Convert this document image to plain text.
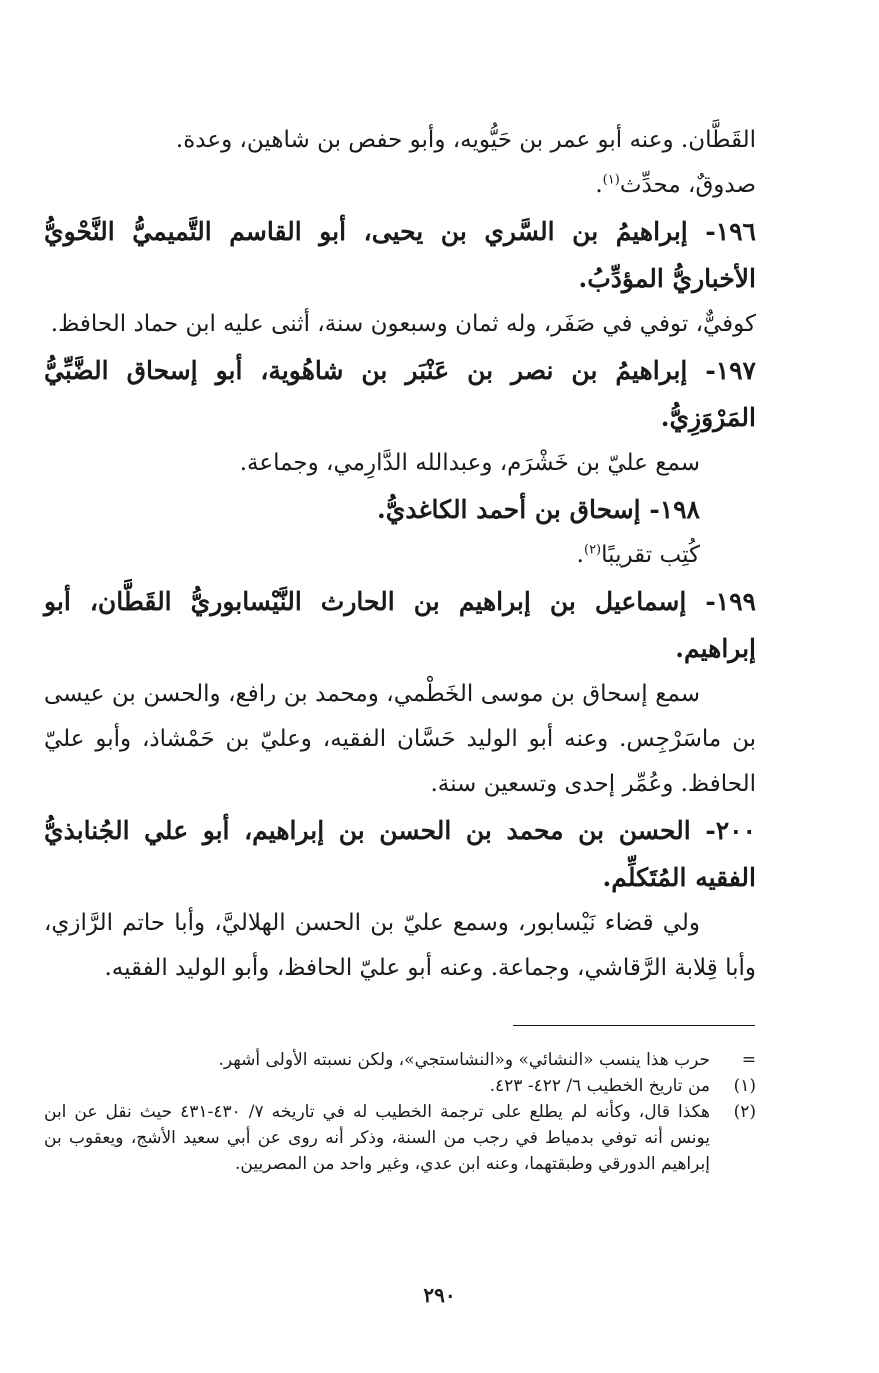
القَطَّان. وعنه أبو عمر بن حَيُّويه، وأبو حفص بن شاهين، وعدة.

صدوقٌ، محدِّث$^{(١)}$.

١٩٦- إبراهيمُ بن السَّري بن يحيى، أبو القاسم التَّميميُّ النَّحْويُّ الأخباريُّ المؤدِّبُ.

كوفيٌّ، توفي في صَفَر، وله ثمان وسبعون سنة، أثنى عليه ابن حماد الحافظ.

١٩٧- إبراهيمُ بن نصر بن عَنْبَر بن شاهُوية، أبو إسحاق الضَّبِّيُّ المَرْوَزِيُّ.

سمع عليّ بن خَشْرَم، وعبدالله الدَّارِمي، وجماعة.

١٩٨- إسحاق بن أحمد الكاغديُّ.

كُتِب تقريبًا$^{(٢)}$.

١٩٩- إسماعيل بن إبراهيم بن الحارث النَّيْسابوريُّ القَطَّان، أبو إبراهيم.

سمع إسحاق بن موسى الخَطْمي، ومحمد بن رافع، والحسن بن عيسى بن ماسَرْجِس. وعنه أبو الوليد حَسَّان الفقيه، وعليّ بن حَمْشاذ، وأبو عليّ الحافظ. وعُمِّر إحدى وتسعين سنة.

٢٠٠- الحسن بن محمد بن الحسن بن إبراهيم، أبو علي الجُنابذيُّ الفقيه المُتَكلِّم.

ولي قضاء نَيْسابور، وسمع عليّ بن الحسن الهلاليَّ، وأبا حاتم الرَّازي، وأبا قِلابة الرَّقاشي، وجماعة. وعنه أبو عليّ الحافظ، وأبو الوليد الفقيه.

=
حرب هذا ينسب «النشائي» و«النشاستجي»، ولكن نسبته الأولى أشهر.
(١)
من تاريخ الخطيب ٦/ ٤٢٢- ٤٢٣.
(٢)
هكذا قال، وكأنه لم يطلع على ترجمة الخطيب له في تاريخه ٧/ ٤٣٠-٤٣١ حيث نقل عن ابن يونس أنه توفي بدمياط في رجب من السنة، وذكر أنه روى عن أبي سعيد الأشج، ويعقوب بن إبراهيم الدورقي وطبقتهما، وعنه ابن عدي، وغير واحد من المصريين.
٢٩٠
